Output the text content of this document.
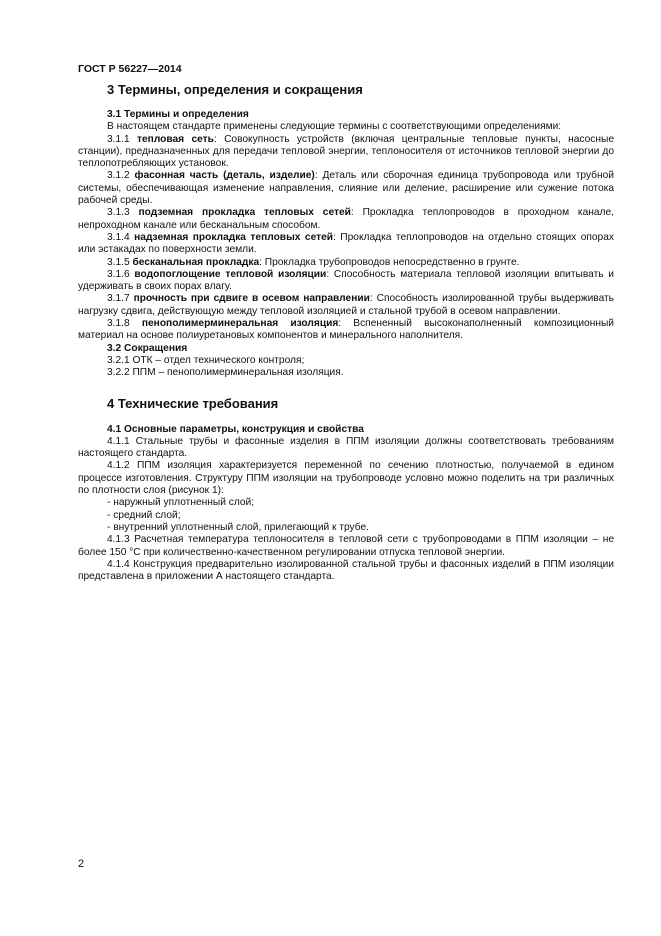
ГОСТ Р 56227—2014
3 Термины, определения и сокращения
3.1 Термины и определения

В настоящем стандарте применены следующие термины с соответствующими определениями:

3.1.1 тепловая сеть: Совокупность устройств (включая центральные тепловые пункты, насосные станции), предназначенных для передачи тепловой энергии, теплоносителя от источников тепловой энергии до теплопотребляющих установок.

3.1.2 фасонная часть (деталь, изделие): Деталь или сборочная единица трубопровода или трубной системы, обеспечивающая изменение направления, слияние или деление, расширение или сужение потока рабочей среды.

3.1.3 подземная прокладка тепловых сетей: Прокладка теплопроводов в проходном канале, непроходном канале или бесканальным способом.

3.1.4 надземная прокладка тепловых сетей: Прокладка теплопроводов на отдельно стоящих опорах или эстакадах по поверхности земли.

3.1.5 бесканальная прокладка: Прокладка трубопроводов непосредственно в грунте.

3.1.6 водопоглощение тепловой изоляции: Способность материала тепловой изоляции впитывать и удерживать в своих порах влагу.

3.1.7 прочность при сдвиге в осевом направлении: Способность изолированной трубы выдерживать нагрузку сдвига, действующую между тепловой изоляцией и стальной трубой в осевом направлении.

3.1.8 пенополимерминеральная изоляция: Вспененный высоконаполненный композиционный материал на основе полиуретановых компонентов и минерального наполнителя.

3.2 Сокращения

3.2.1 ОТК – отдел технического контроля;

3.2.2 ППМ – пенополимерминеральная изоляция.

4 Технические требования
4.1 Основные параметры, конструкция и свойства

4.1.1 Стальные трубы и фасонные изделия в ППМ изоляции должны соответствовать требованиям настоящего стандарта.

4.1.2 ППМ изоляция характеризуется переменной по сечению плотностью, получаемой в едином процессе изготовления. Структуру ППМ изоляции на трубопроводе условно можно поделить на три различных по плотности слоя (рисунок 1):

- наружный уплотненный слой;

- средний слой;

- внутренний уплотненный слой, прилегающий к трубе.

4.1.3 Расчетная температура теплоносителя в тепловой сети с трубопроводами в ППМ изоляции – не более 150 °С при количественно-качественном регулировании отпуска тепловой энергии.

4.1.4 Конструкция предварительно изолированной стальной трубы и фасонных изделий в ППМ изоляции представлена в приложении А настоящего стандарта.

2
